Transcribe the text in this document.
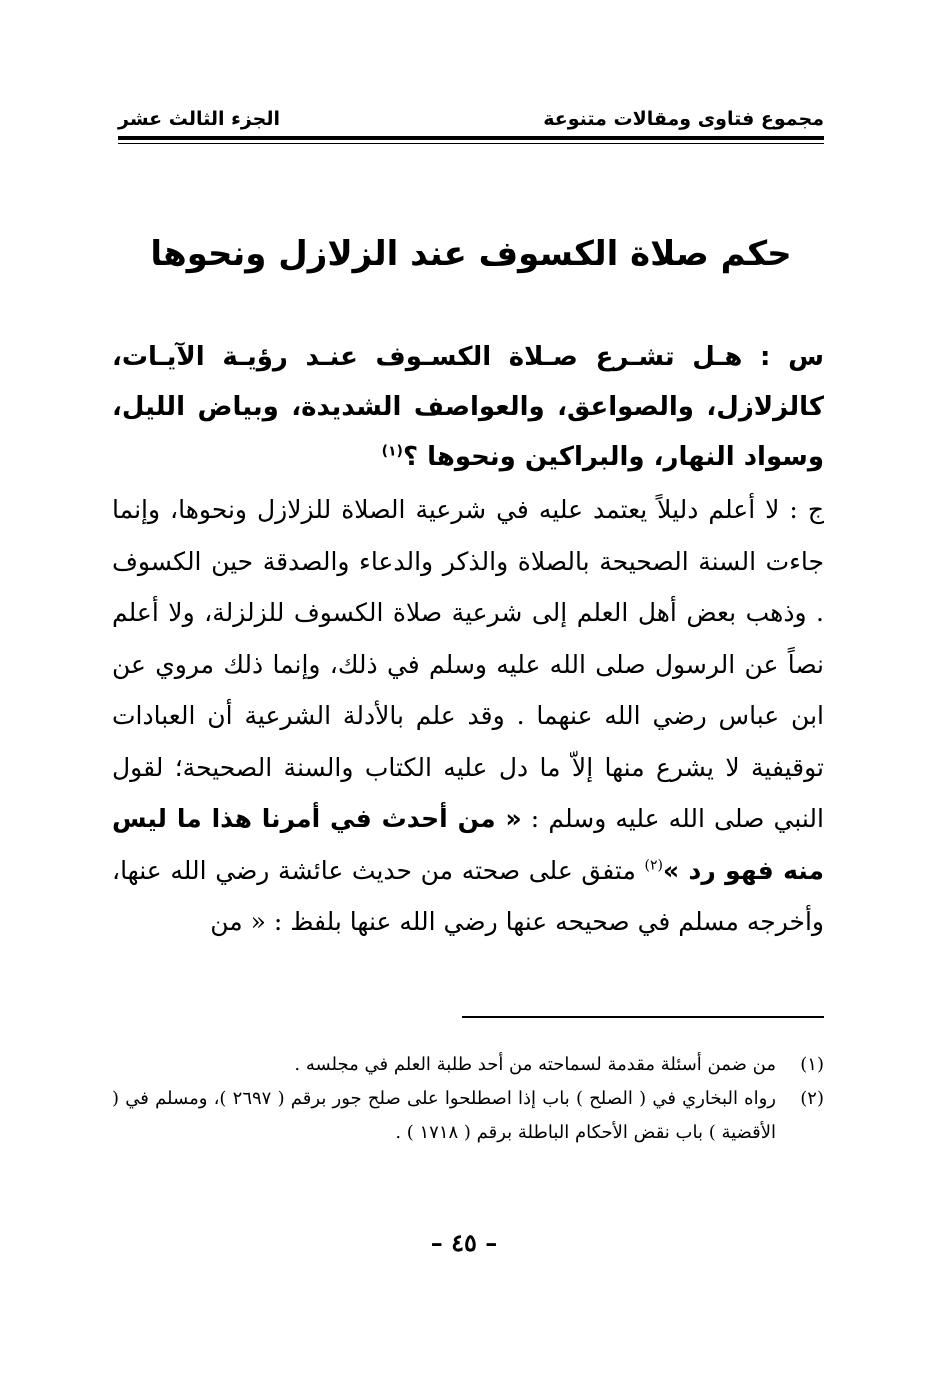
مجموع فتاوى ومقالات متنوعة
الجزء الثالث عشر
حكم صلاة الكسوف عند الزلازل ونحوها
س : هـل تشـرع صـلاة الكسـوف عنـد رؤيـة الآيـات، كالزلازل، والصواعق، والعواصف الشديدة، وبياض الليل، وسواد النهار، والبراكين ونحوها ؟$^{(١)}$
ج : لا أعلم دليلاً يعتمد عليه في شرعية الصلاة للزلازل ونحوها، وإنما جاءت السنة الصحيحة بالصلاة والذكر والدعاء والصدقة حين الكسوف . وذهب بعض أهل العلم إلى شرعية صلاة الكسوف للزلزلة، ولا أعلم نصاً عن الرسول صلى الله عليه وسلم في ذلك، وإنما ذلك مروي عن ابن عباس رضي الله عنهما . وقد علم بالأدلة الشرعية أن العبادات توقيفية لا يشرع منها إلاّ ما دل عليه الكتاب والسنة الصحيحة؛ لقول النبي صلى الله عليه وسلم : « من أحدث في أمرنا هذا ما ليس منه فهو رد »$^{(٢)}$ متفق على صحته من حديث عائشة رضي الله عنها، وأخرجه مسلم في صحيحه عنها رضي الله عنها بلفظ : « من
(١)
من ضمن أسئلة مقدمة لسماحته من أحد طلبة العلم في مجلسه .
(٢)
رواه البخاري في ( الصلح ) باب إذا اصطلحوا على صلح جور برقم ( ٢٦٩٧ )، ومسلم في ( الأقضية ) باب نقض الأحكام الباطلة برقم ( ١٧١٨ ) .
– ٤٥ –
